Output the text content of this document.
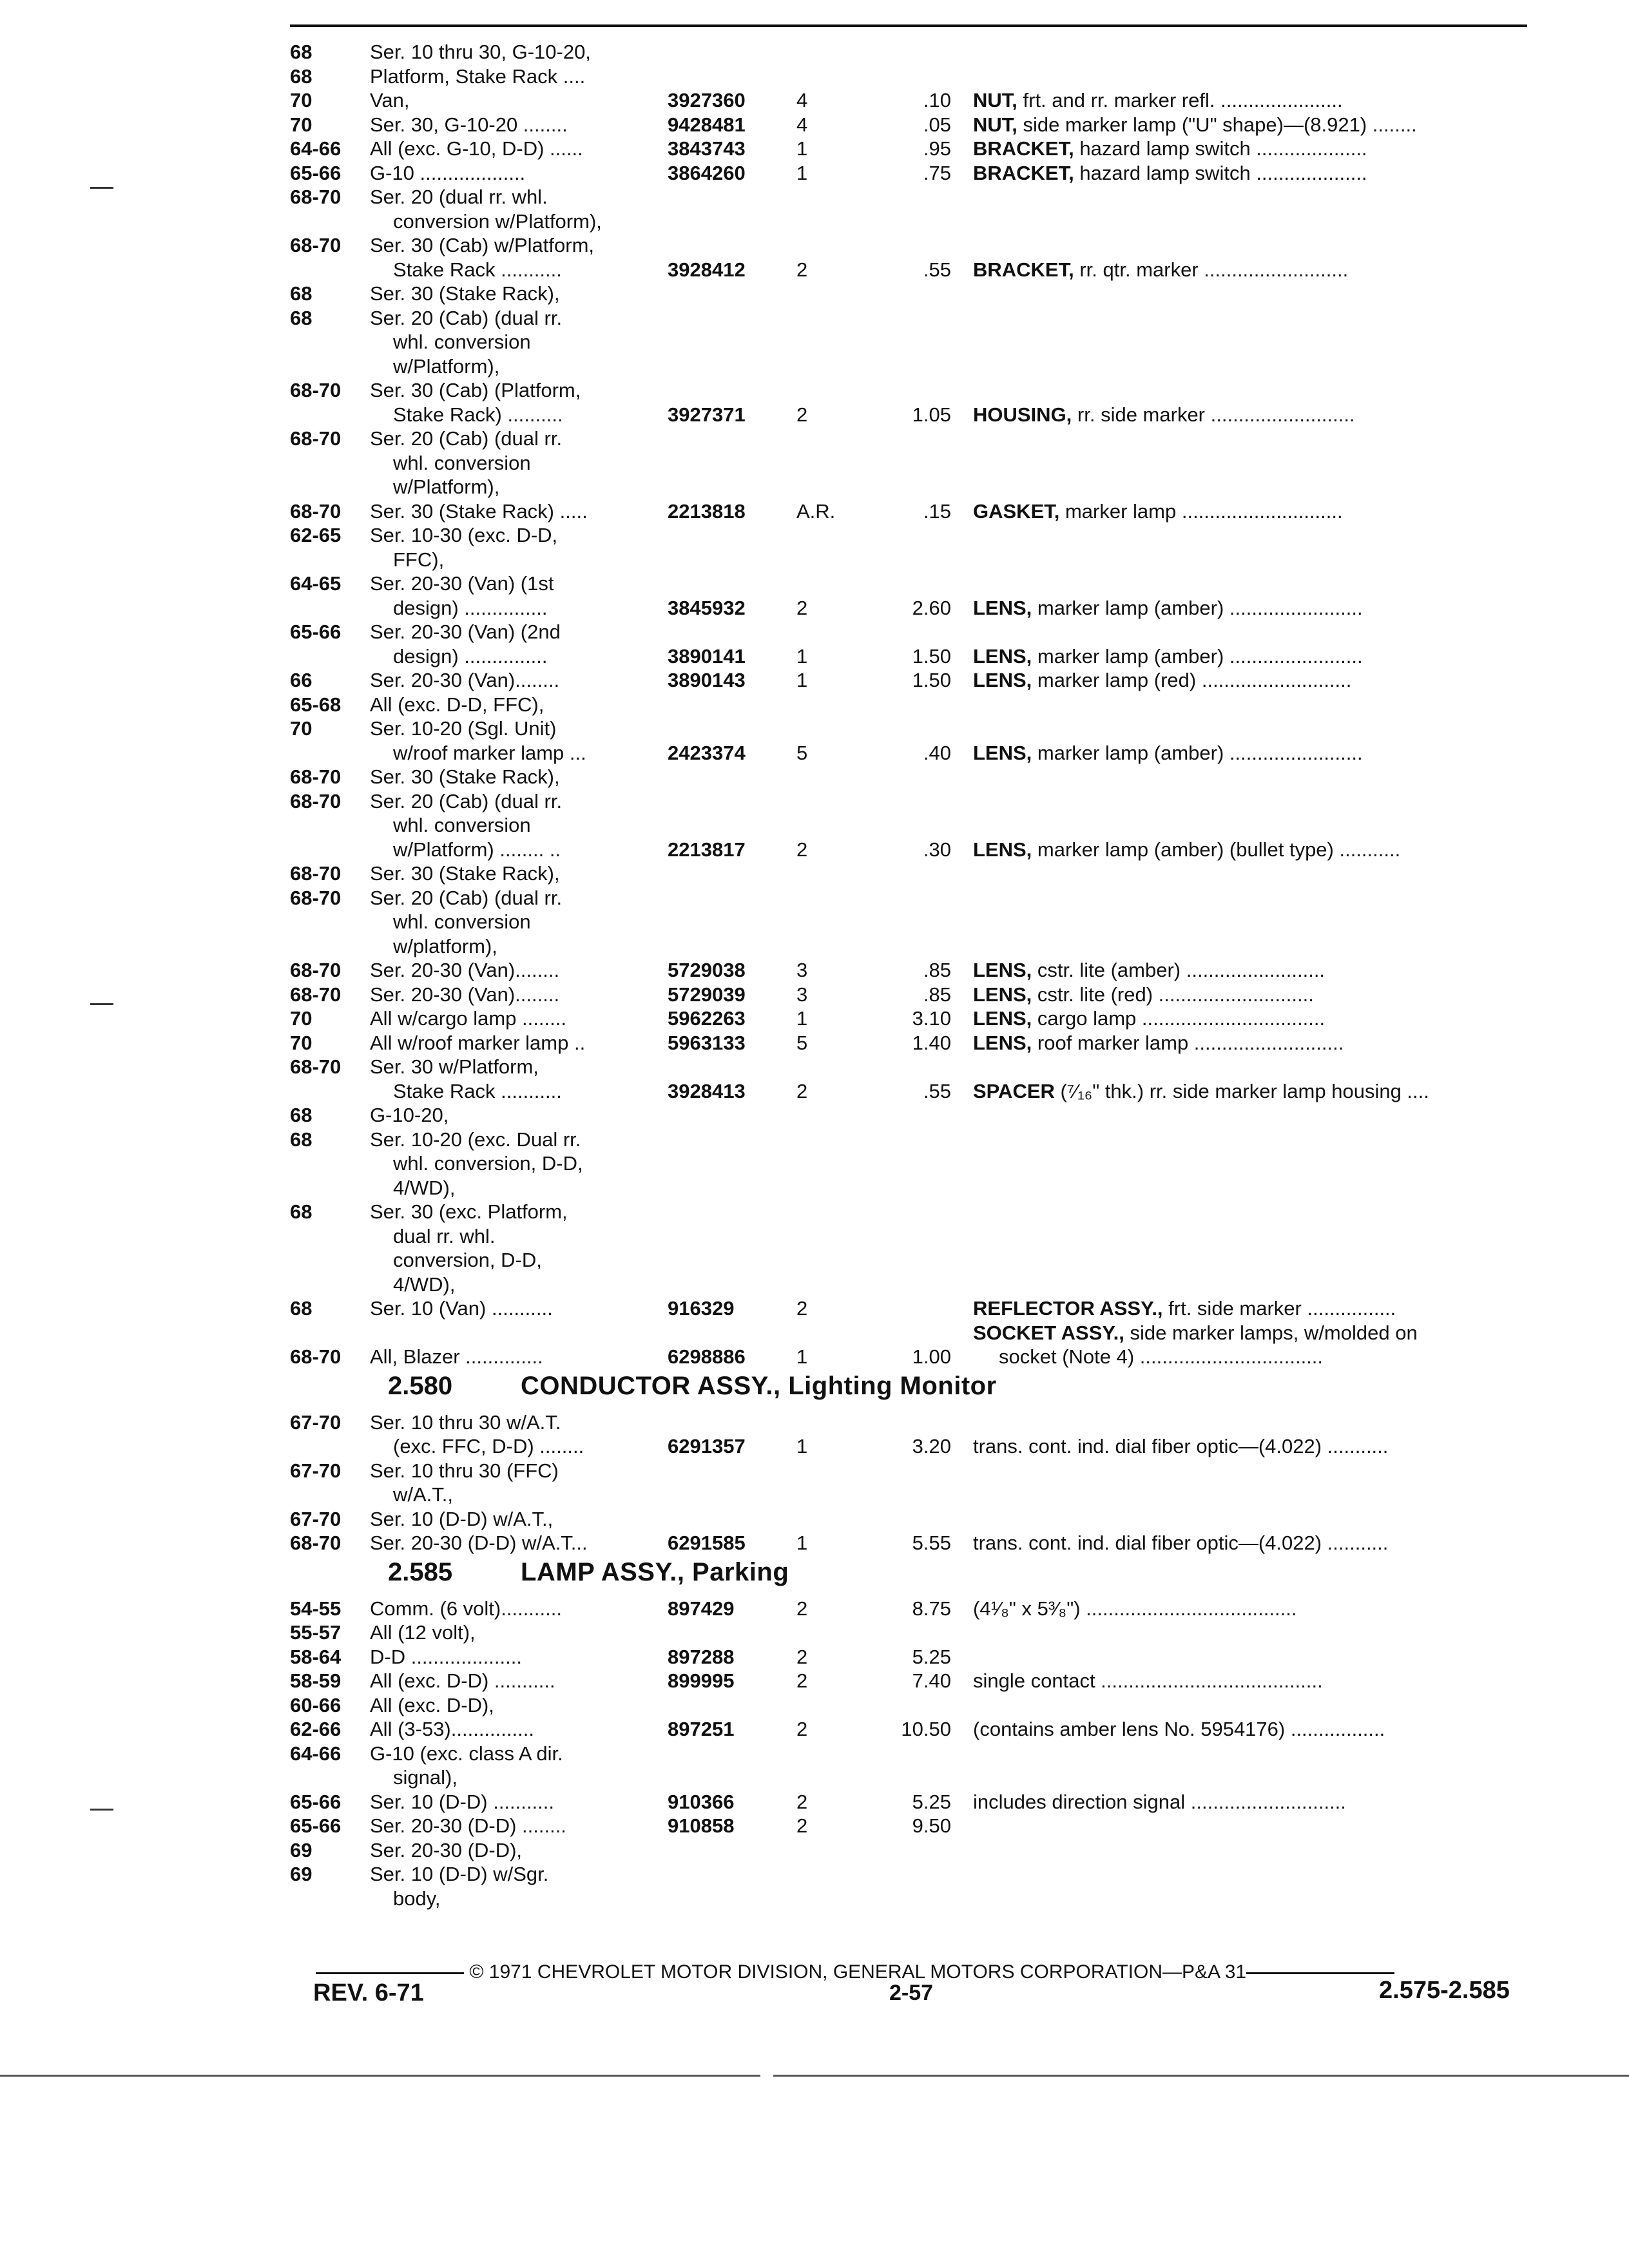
68	Ser. 10 thru 30, G-10-20,
68	Platform, Stake Rack ....
70	Van,	3927360	4	.10 NUT, frt. and rr. marker refl. ......................
70	Ser. 30, G-10-20 ........	9428481	4	.05 NUT, side marker lamp ("U" shape)—(8.921) ........
64-66	All (exc. G-10, D-D) ......	3843743	1	.95 BRACKET, hazard lamp switch ....................
65-66	G-10 ...................	3864260	1	.75 BRACKET, hazard lamp switch ....................
68-70	Ser. 20 (dual rr. whl.
conversion w/Platform),
68-70	Ser. 30 (Cab) w/Platform,
Stake Rack ...........	3928412	2	.55 BRACKET, rr. qtr. marker ..........................
68	Ser. 30 (Stake Rack),
68	Ser. 20 (Cab) (dual rr.
whl. conversion
w/Platform),
68-70	Ser. 30 (Cab) (Platform,
Stake Rack) ..........	3927371	2	1.05 HOUSING, rr. side marker ..........................
68-70	Ser. 20 (Cab) (dual rr.
whl. conversion
w/Platform),
68-70	Ser. 30 (Stake Rack) .....	2213818	A.R.	.15 GASKET, marker lamp .............................
62-65	Ser. 10-30 (exc. D-D,
FFC),
64-65	Ser. 20-30 (Van) (1st
design) ...............	3845932	2	2.60 LENS, marker lamp (amber) ........................
65-66	Ser. 20-30 (Van) (2nd
design) ...............	3890141	1	1.50 LENS, marker lamp (amber) ........................
66	Ser. 20-30 (Van)........	3890143	1	1.50 LENS, marker lamp (red) ...........................
65-68	All (exc. D-D, FFC),
70	Ser. 10-20 (Sgl. Unit)
w/roof marker lamp ...	2423374	5	.40 LENS, marker lamp (amber) ........................
68-70	Ser. 30 (Stake Rack),
68-70	Ser. 20 (Cab) (dual rr.
whl. conversion
w/Platform) ........ ..	2213817	2	.30 LENS, marker lamp (amber) (bullet type) ...........
68-70	Ser. 30 (Stake Rack),
68-70	Ser. 20 (Cab) (dual rr.
whl. conversion
w/platform),
68-70	Ser. 20-30 (Van)........	5729038	3	.85 LENS, cstr. lite (amber) .........................
68-70	Ser. 20-30 (Van)........	5729039	3	.85 LENS, cstr. lite (red) ............................
70	All w/cargo lamp ........	5962263	1	3.10 LENS, cargo lamp .................................
70	All w/roof marker lamp ..	5963133	5	1.40 LENS, roof marker lamp ...........................
68-70	Ser. 30 w/Platform,
Stake Rack ...........	3928413	2	.55 SPACER (⁷⁄₁₆" thk.) rr. side marker lamp housing ....
68	G-10-20,
68	Ser. 10-20 (exc. Dual rr.
whl. conversion, D-D,
4/WD),
68	Ser. 30 (exc. Platform,
dual rr. whl.
conversion, D-D,
4/WD),
68	Ser. 10 (Van) ...........	916329	2	REFLECTOR ASSY., frt. side marker ................
68-70	All, Blazer ..............	6298886	1	1.00
SOCKET ASSY., side marker lamps, w/molded on
socket (Note 4) .................................
2.580	CONDUCTOR ASSY., Lighting Monitor
67-70	Ser. 10 thru 30 w/A.T.
(exc. FFC, D-D) ........	6291357	1	3.20 trans. cont. ind. dial fiber optic—(4.022) ...........
67-70	Ser. 10 thru 30 (FFC)
w/A.T.,
67-70	Ser. 10 (D-D) w/A.T.,
68-70	Ser. 20-30 (D-D) w/A.T...	6291585	1	5.55 trans. cont. ind. dial fiber optic—(4.022) ...........
2.585	LAMP ASSY., Parking
54-55	Comm. (6 volt)...........	897429	2	8.75 (4¹⁄₈" x 5³⁄₈") ......................................
55-57	All (12 volt),
58-64	D-D ....................	897288	2	5.25
58-59	All (exc. D-D) ...........	899995	2	7.40 single contact ........................................
60-66	All (exc. D-D),
62-66	All (3-53)...............	897251	2	10.50 (contains amber lens No. 5954176) .................
64-66	G-10 (exc. class A dir.
signal),
65-66	Ser. 10 (D-D) ...........	910366	2	5.25 includes direction signal ............................
65-66	Ser. 20-30 (D-D) ........	910858	2	9.50
69	Ser. 20-30 (D-D),
69	Ser. 10 (D-D) w/Sgr.
body,
© 1971 CHEVROLET MOTOR DIVISION, GENERAL MOTORS CORPORATION—P&A 31
REV. 6-71	2-57	2.575-2.585
